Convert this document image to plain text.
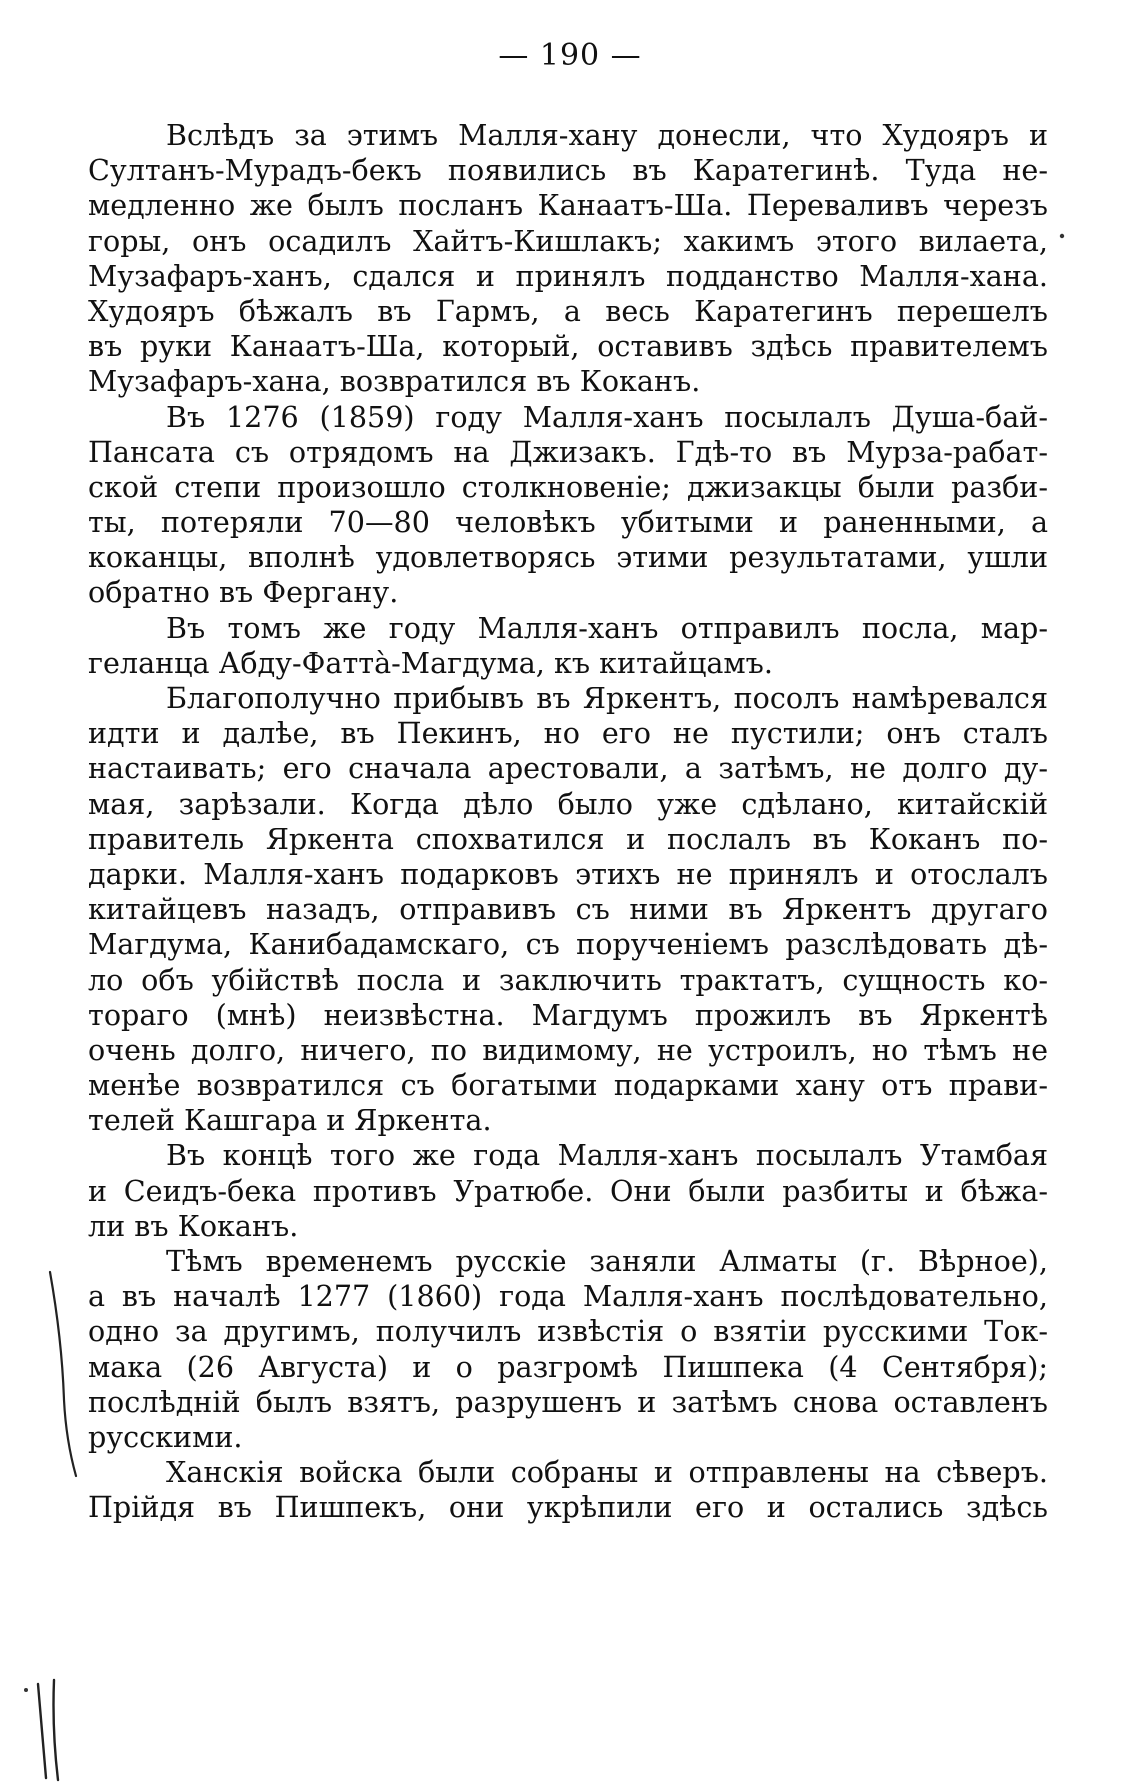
— 190 —
Вслѣдъ за этимъ Малля-хану донесли, что Худояръ и
Султанъ-Мурадъ-бекъ появились въ Каратегинѣ. Туда не-
медленно же былъ посланъ Канаатъ-Ша. Переваливъ черезъ
горы, онъ осадилъ Хайтъ-Кишлакъ; хакимъ этого вилаета,
Музафаръ-ханъ, сдался и принялъ подданство Малля-хана.
Худояръ бѣжалъ въ Гармъ, а весь Каратегинъ перешелъ
въ руки Канаатъ-Ша, который, оставивъ здѣсь правителемъ
Музафаръ-хана, возвратился въ Коканъ.
Въ 1276 (1859) году Малля-ханъ посылалъ Душа-бай-
Пансата съ отрядомъ на Джизакъ. Гдѣ-то въ Мурза-рабат-
ской степи произошло столкновеніе; джизакцы были разби-
ты, потеряли 70—80 человѣкъ убитыми и раненными, а
коканцы, вполнѣ удовлетворясь этими результатами, ушли
обратно въ Фергану.
Въ томъ же году Малля-ханъ отправилъ посла, мар-
геланца Абду-Фаттà-Магдума, къ китайцамъ.
Благополучно прибывъ въ Яркентъ, посолъ намѣревался
идти и далѣе, въ Пекинъ, но его не пустили; онъ сталъ
настаивать; его сначала арестовали, а затѣмъ, не долго ду-
мая, зарѣзали. Когда дѣло было уже сдѣлано, китайскій
правитель Яркента спохватился и послалъ въ Коканъ по-
дарки. Малля-ханъ подарковъ этихъ не принялъ и отослалъ
китайцевъ назадъ, отправивъ съ ними въ Яркентъ другаго
Магдума, Канибадамскаго, съ порученіемъ разслѣдовать дѣ-
ло объ убійствѣ посла и заключить трактатъ, сущность ко-
тораго (мнѣ) неизвѣстна. Магдумъ прожилъ въ Яркентѣ
очень долго, ничего, по видимому, не устроилъ, но тѣмъ не
менѣе возвратился съ богатыми подарками хану отъ прави-
телей Кашгара и Яркента.
Въ концѣ того же года Малля-ханъ посылалъ Утамбая
и Сеидъ-бека противъ Уратюбе. Они были разбиты и бѣжа-
ли въ Коканъ.
Тѣмъ временемъ русскіе заняли Алматы (г. Вѣрное),
а въ началѣ 1277 (1860) года Малля-ханъ послѣдовательно,
одно за другимъ, получилъ извѣстія о взятіи русскими Ток-
мака (26 Августа) и о разгромѣ Пишпека (4 Сентября);
послѣдній былъ взятъ, разрушенъ и затѣмъ снова оставленъ
русскими.
Ханскія войска были собраны и отправлены на сѣверъ.
Прійдя въ Пишпекъ, они укрѣпили его и остались здѣсь
